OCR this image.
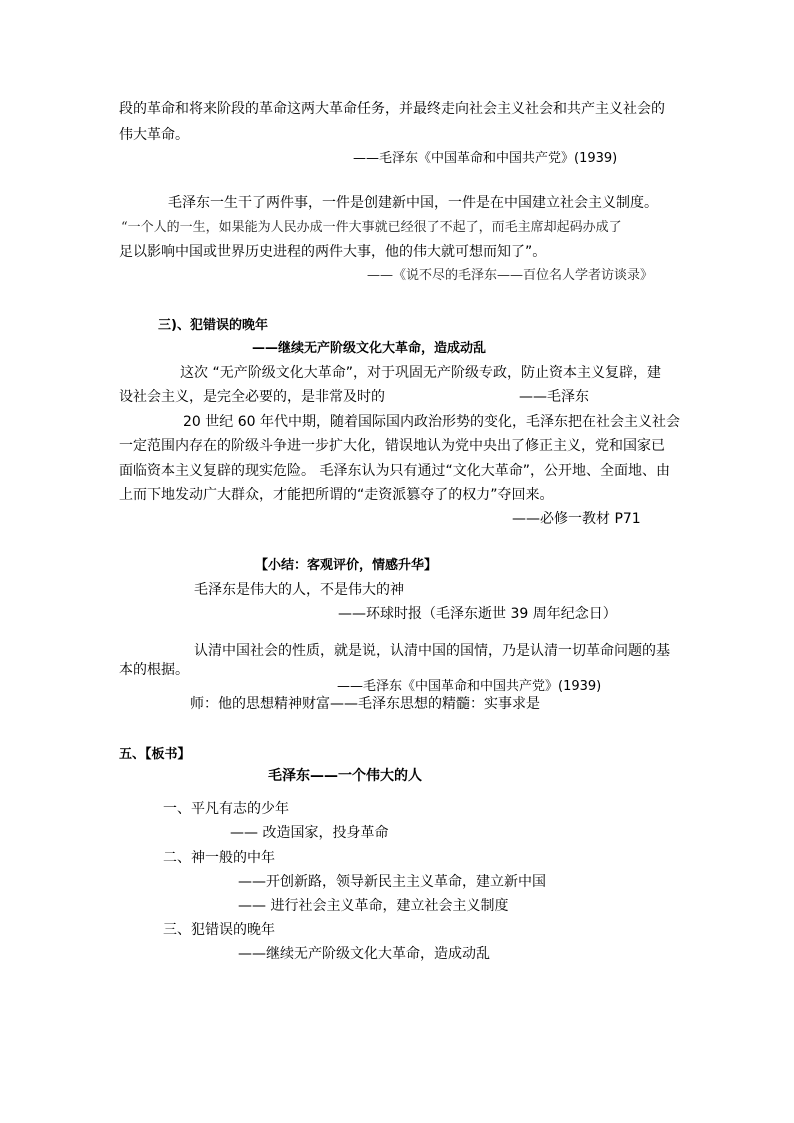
段的革命和将来阶段的革命这两大革命任务，并最终走向社会主义社会和共产主义社会的
伟大革命。
——毛泽东《中国革命和中国共产党》(1939)
毛泽东一生干了两件事，一件是创建新中国，一件是在中国建立社会主义制度。
“一个人的一生，如果能为人民办成一件大事就已经很了不起了，而毛主席却起码办成了
足以影响中国或世界历史进程的两件大事，他的伟大就可想而知了”。
——《说不尽的毛泽东——百位名人学者访谈录》
三)、犯错误的晚年
——继续无产阶级文化大革命，造成动乱
这次 “无产阶级文化大革命”，对于巩固无产阶级专政，防止资本主义复辟，建
设社会主义，是完全必要的，是非常及时的	——毛泽东
20 世纪 60 年代中期，随着国际国内政治形势的变化，毛泽东把在社会主义社会
一定范围内存在的阶级斗争进一步扩大化，错误地认为党中央出了修正主义，党和国家已
面临资本主义复辟的现实危险。 毛泽东认为只有通过“文化大革命”，公开地、全面地、由
上而下地发动广大群众，才能把所谓的“走资派篡夺了的权力”夺回来。
——必修一教材 P71
【小结：客观评价，情感升华】
毛泽东是伟大的人，不是伟大的神
——环球时报（毛泽东逝世 39 周年纪念日）
认清中国社会的性质，就是说，认清中国的国情，乃是认清一切革命问题的基
本的根据。
——毛泽东《中国革命和中国共产党》(1939)
师：他的思想精神财富——毛泽东思想的精髓：实事求是
五、【板书】
毛泽东——一个伟大的人
一、平凡有志的少年
—— 改造国家，投身革命
二、神一般的中年
——开创新路，领导新民主主义革命，建立新中国
—— 进行社会主义革命，建立社会主义制度
三、犯错误的晚年
——继续无产阶级文化大革命，造成动乱
